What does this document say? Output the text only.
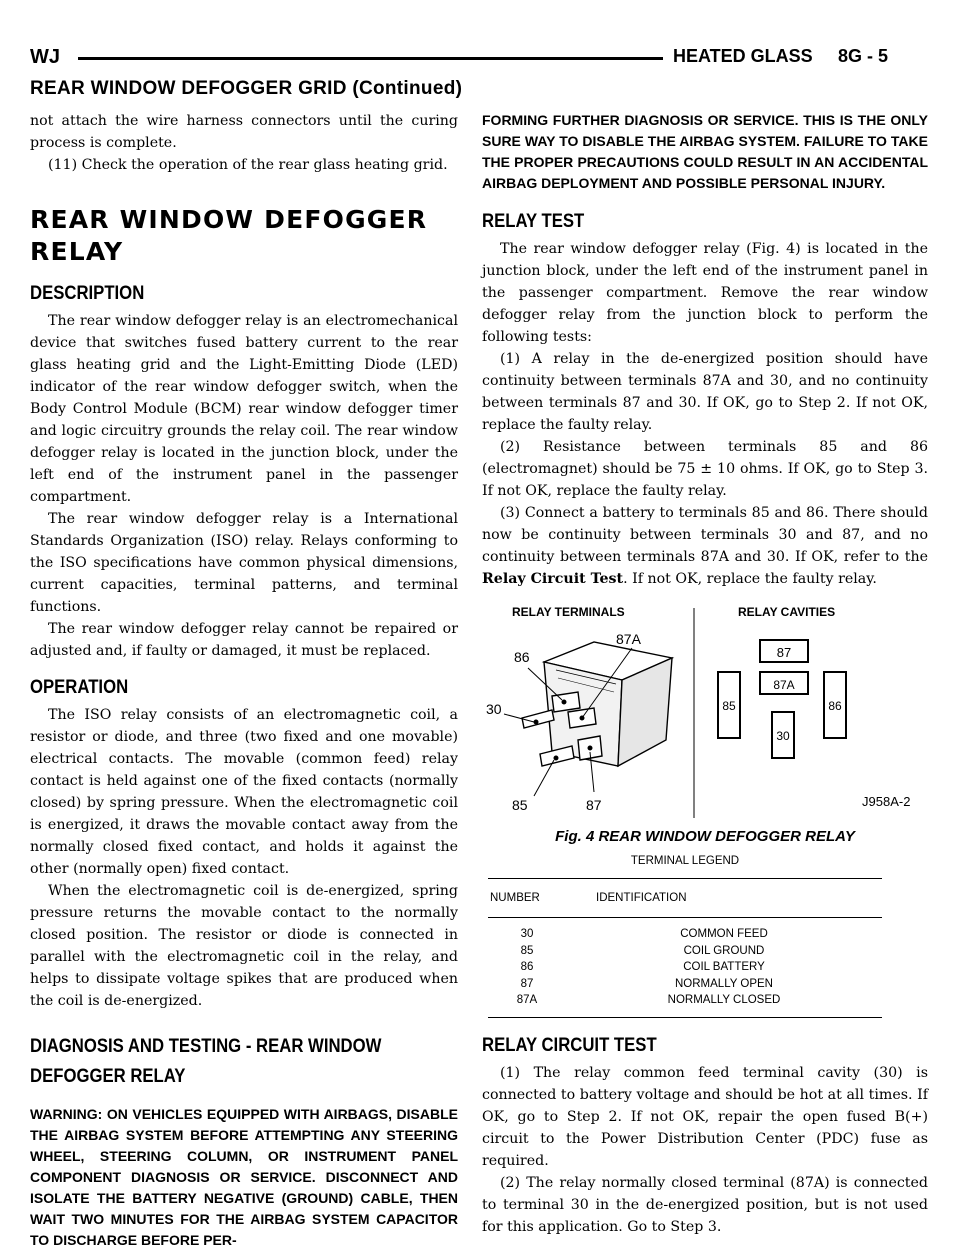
WJ	HEATED GLASS 8G - 5
REAR WINDOW DEFOGGER GRID (Continued)

not attach the wire harness connectors until the curing process is complete.

(11) Check the operation of the rear glass heating grid.

REAR WINDOW DEFOGGER RELAY
DESCRIPTION

The rear window defogger relay is an electromechanical device that switches fused battery current to the rear glass heating grid and the Light-Emitting Diode (LED) indicator of the rear window defogger switch, when the Body Control Module (BCM) rear window defogger timer and logic circuitry grounds the relay coil. The rear window defogger relay is located in the junction block, under the left end of the instrument panel in the passenger compartment.

The rear window defogger relay is a International Standards Organization (ISO) relay. Relays conforming to the ISO specifications have common physical dimensions, current capacities, terminal patterns, and terminal functions.

The rear window defogger relay cannot be repaired or adjusted and, if faulty or damaged, it must be replaced.

OPERATION

The ISO relay consists of an electromagnetic coil, a resistor or diode, and three (two fixed and one movable) electrical contacts. The movable (common feed) relay contact is held against one of the fixed contacts (normally closed) by spring pressure. When the electromagnetic coil is energized, it draws the movable contact away from the normally closed fixed contact, and holds it against the other (normally open) fixed contact.

When the electromagnetic coil is de-energized, spring pressure returns the movable contact to the normally closed position. The resistor or diode is connected in parallel with the electromagnetic coil in the relay, and helps to dissipate voltage spikes that are produced when the coil is de-energized.

DIAGNOSIS AND TESTING - REAR WINDOW DEFOGGER RELAY

WARNING: ON VEHICLES EQUIPPED WITH AIRBAGS, DISABLE THE AIRBAG SYSTEM BEFORE ATTEMPTING ANY STEERING WHEEL, STEERING COLUMN, OR INSTRUMENT PANEL COMPONENT DIAGNOSIS OR SERVICE. DISCONNECT AND ISOLATE THE BATTERY NEGATIVE (GROUND) CABLE, THEN WAIT TWO MINUTES FOR THE AIRBAG SYSTEM CAPACITOR TO DISCHARGE BEFORE PER-

FORMING FURTHER DIAGNOSIS OR SERVICE. THIS IS THE ONLY SURE WAY TO DISABLE THE AIRBAG SYSTEM. FAILURE TO TAKE THE PROPER PRECAUTIONS COULD RESULT IN AN ACCIDENTAL AIRBAG DEPLOYMENT AND POSSIBLE PERSONAL INJURY.

RELAY TEST

The rear window defogger relay (Fig. 4) is located in the junction block, under the left end of the instrument panel in the passenger compartment. Remove the rear window defogger relay from the junction block to perform the following tests:

(1) A relay in the de-energized position should have continuity between terminals 87A and 30, and no continuity between terminals 87 and 30. If OK, go to Step 2. If not OK, replace the faulty relay.

(2) Resistance between terminals 85 and 86 (electromagnet) should be 75 ± 10 ohms. If OK, go to Step 3. If not OK, replace the faulty relay.

(3) Connect a battery to terminals 85 and 86. There should now be continuity between terminals 30 and 87, and no continuity between terminals 87A and 30. If OK, refer to the Relay Circuit Test. If not OK, replace the faulty relay.

RELAY TERMINALS	RELAY CAVITIES
86
87A
30
85	87
87
85
87A
86
30
J958A-2
Fig. 4 REAR WINDOW DEFOGGER RELAY
TERMINAL LEGEND
NUMBER	IDENTIFICATION
30	COMMON FEED
85	COIL GROUND
86	COIL BATTERY
87	NORMALLY OPEN
87A	NORMALLY CLOSED
RELAY CIRCUIT TEST

(1) The relay common feed terminal cavity (30) is connected to battery voltage and should be hot at all times. If OK, go to Step 2. If not OK, repair the open fused B(+) circuit to the Power Distribution Center (PDC) fuse as required.

(2) The relay normally closed terminal (87A) is connected to terminal 30 in the de-energized position, but is not used for this application. Go to Step 3.
